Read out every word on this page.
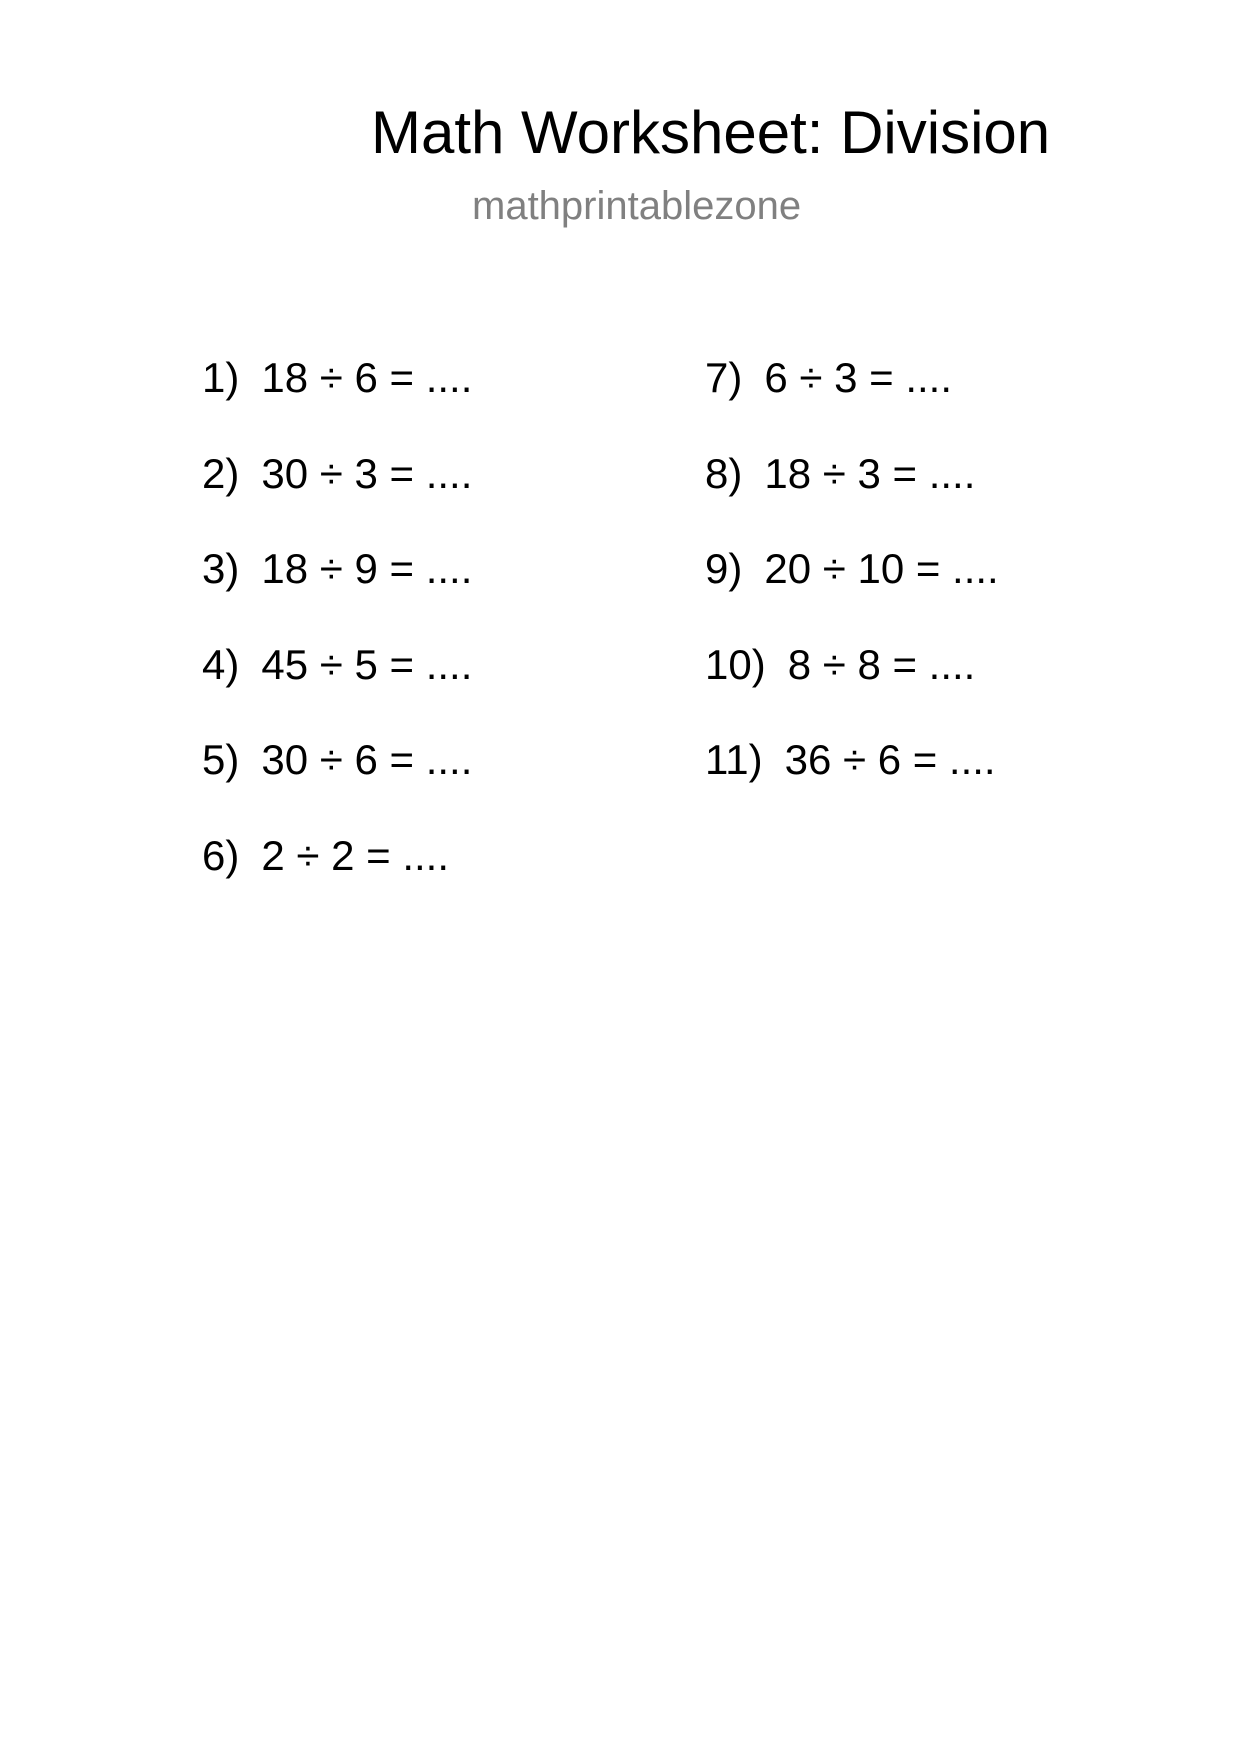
Math Worksheet: Division
mathprintablezone
1) 18 ÷ 6 = ....
2) 30 ÷ 3 = ....
3) 18 ÷ 9 = ....
4) 45 ÷ 5 = ....
5) 30 ÷ 6 = ....
6) 2 ÷ 2 = ....
7) 6 ÷ 3 = ....
8) 18 ÷ 3 = ....
9) 20 ÷ 10 = ....
10) 8 ÷ 8 = ....
11) 36 ÷ 6 = ....
